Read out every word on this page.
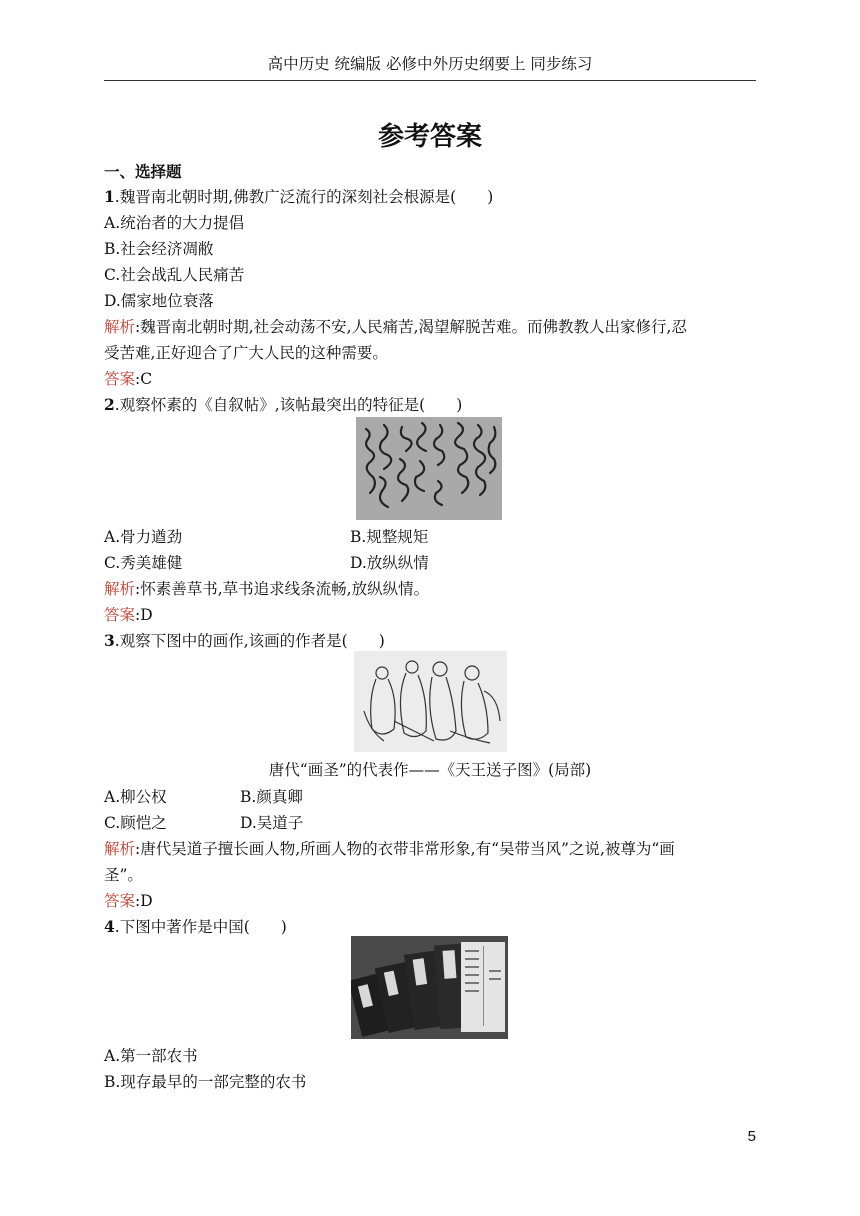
高中历史 统编版 必修中外历史纲要上 同步练习
参考答案
一、选择题
1.魏晋南北朝时期,佛教广泛流行的深刻社会根源是(　　)
A.统治者的大力提倡
B.社会经济凋敝
C.社会战乱人民痛苦
D.儒家地位衰落
解析:魏晋南北朝时期,社会动荡不安,人民痛苦,渴望解脱苦难。而佛教教人出家修行,忍
受苦难,正好迎合了广大人民的这种需要。
答案:C
2.观察怀素的《自叙帖》,该帖最突出的特征是(　　)
A.骨力遒劲	B.规整规矩
C.秀美雄健	D.放纵纵情
解析:怀素善草书,草书追求线条流畅,放纵纵情。
答案:D
3.观察下图中的画作,该画的作者是(　　)
唐代“画圣”的代表作——《天王送子图》(局部)
A.柳公权	B.颜真卿
C.顾恺之	D.吴道子
解析:唐代吴道子擅长画人物,所画人物的衣带非常形象,有“吴带当风”之说,被尊为“画
圣”。
答案:D
4.下图中著作是中国(　　)
A.第一部农书
B.现存最早的一部完整的农书
5
